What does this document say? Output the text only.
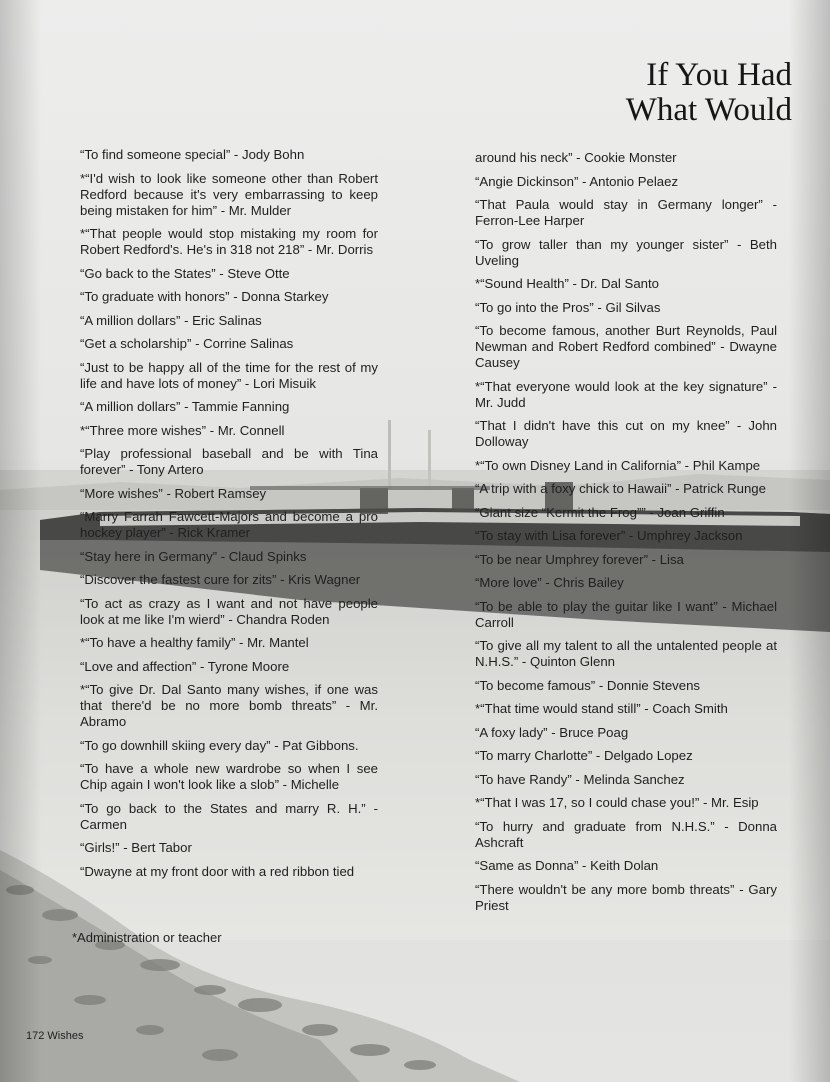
If You Had
What Would

“To find someone special” - Jody Bohn

*“I'd wish to look like someone other than Robert Redford because it's very embarrassing to keep being mistaken for him” - Mr. Mulder

*“That people would stop mistaking my room for Robert Redford's. He's in 318 not 218” - Mr. Dorris

“Go back to the States” - Steve Otte

“To graduate with honors” - Donna Starkey

“A million dollars” - Eric Salinas

“Get a scholarship” - Corrine Salinas

“Just to be happy all of the time for the rest of my life and have lots of money” - Lori Misuik

“A million dollars” - Tammie Fanning

*“Three more wishes” - Mr. Connell

“Play professional baseball and be with Tina forever” - Tony Artero

“More wishes” - Robert Ramsey

“Marry Farrah Fawcett-Majors and become a pro hockey player” - Rick Kramer

“Stay here in Germany” - Claud Spinks

“Discover the fastest cure for zits” - Kris Wagner

“To act as crazy as I want and not have people look at me like I'm wierd” - Chandra Roden

*“To have a healthy family” - Mr. Mantel

“Love and affection” - Tyrone Moore

*“To give Dr. Dal Santo many wishes, if one was that there'd be no more bomb threats” - Mr. Abramo

“To go downhill skiing every day” - Pat Gibbons.

“To have a whole new wardrobe so when I see Chip again I won't look like a slob” - Michelle

“To go back to the States and marry R. H.” - Carmen

“Girls!” - Bert Tabor

“Dwayne at my front door with a red ribbon tied

around his neck” - Cookie Monster

“Angie Dickinson” - Antonio Pelaez

“That Paula would stay in Germany longer” - Ferron-Lee Harper

“To grow taller than my younger sister” - Beth Uveling

*“Sound Health” - Dr. Dal Santo

“To go into the Pros” - Gil Silvas

“To become famous, another Burt Reynolds, Paul Newman and Robert Redford combined” - Dwayne Causey

*“That everyone would look at the key signature” - Mr. Judd

“That I didn't have this cut on my knee” - John Dolloway

*“To own Disney Land in California” - Phil Kampe

“A trip with a foxy chick to Hawaii” - Patrick Runge

“Giant size “Kermit the Frog”” - Joan Griffin

“To stay with Lisa forever” - Umphrey Jackson

“To be near Umphrey forever” - Lisa

“More love” - Chris Bailey

“To be able to play the guitar like I want” - Michael Carroll

“To give all my talent to all the untalented people at N.H.S.” - Quinton Glenn

“To become famous” - Donnie Stevens

*“That time would stand still” - Coach Smith

“A foxy lady” - Bruce Poag

“To marry Charlotte” - Delgado Lopez

“To have Randy” - Melinda Sanchez

*“That I was 17, so I could chase you!” - Mr. Esip

“To hurry and graduate from N.H.S.” - Donna Ashcraft

“Same as Donna” - Keith Dolan

“There wouldn't be any more bomb threats” - Gary Priest

*Administration or teacher
172 Wishes
